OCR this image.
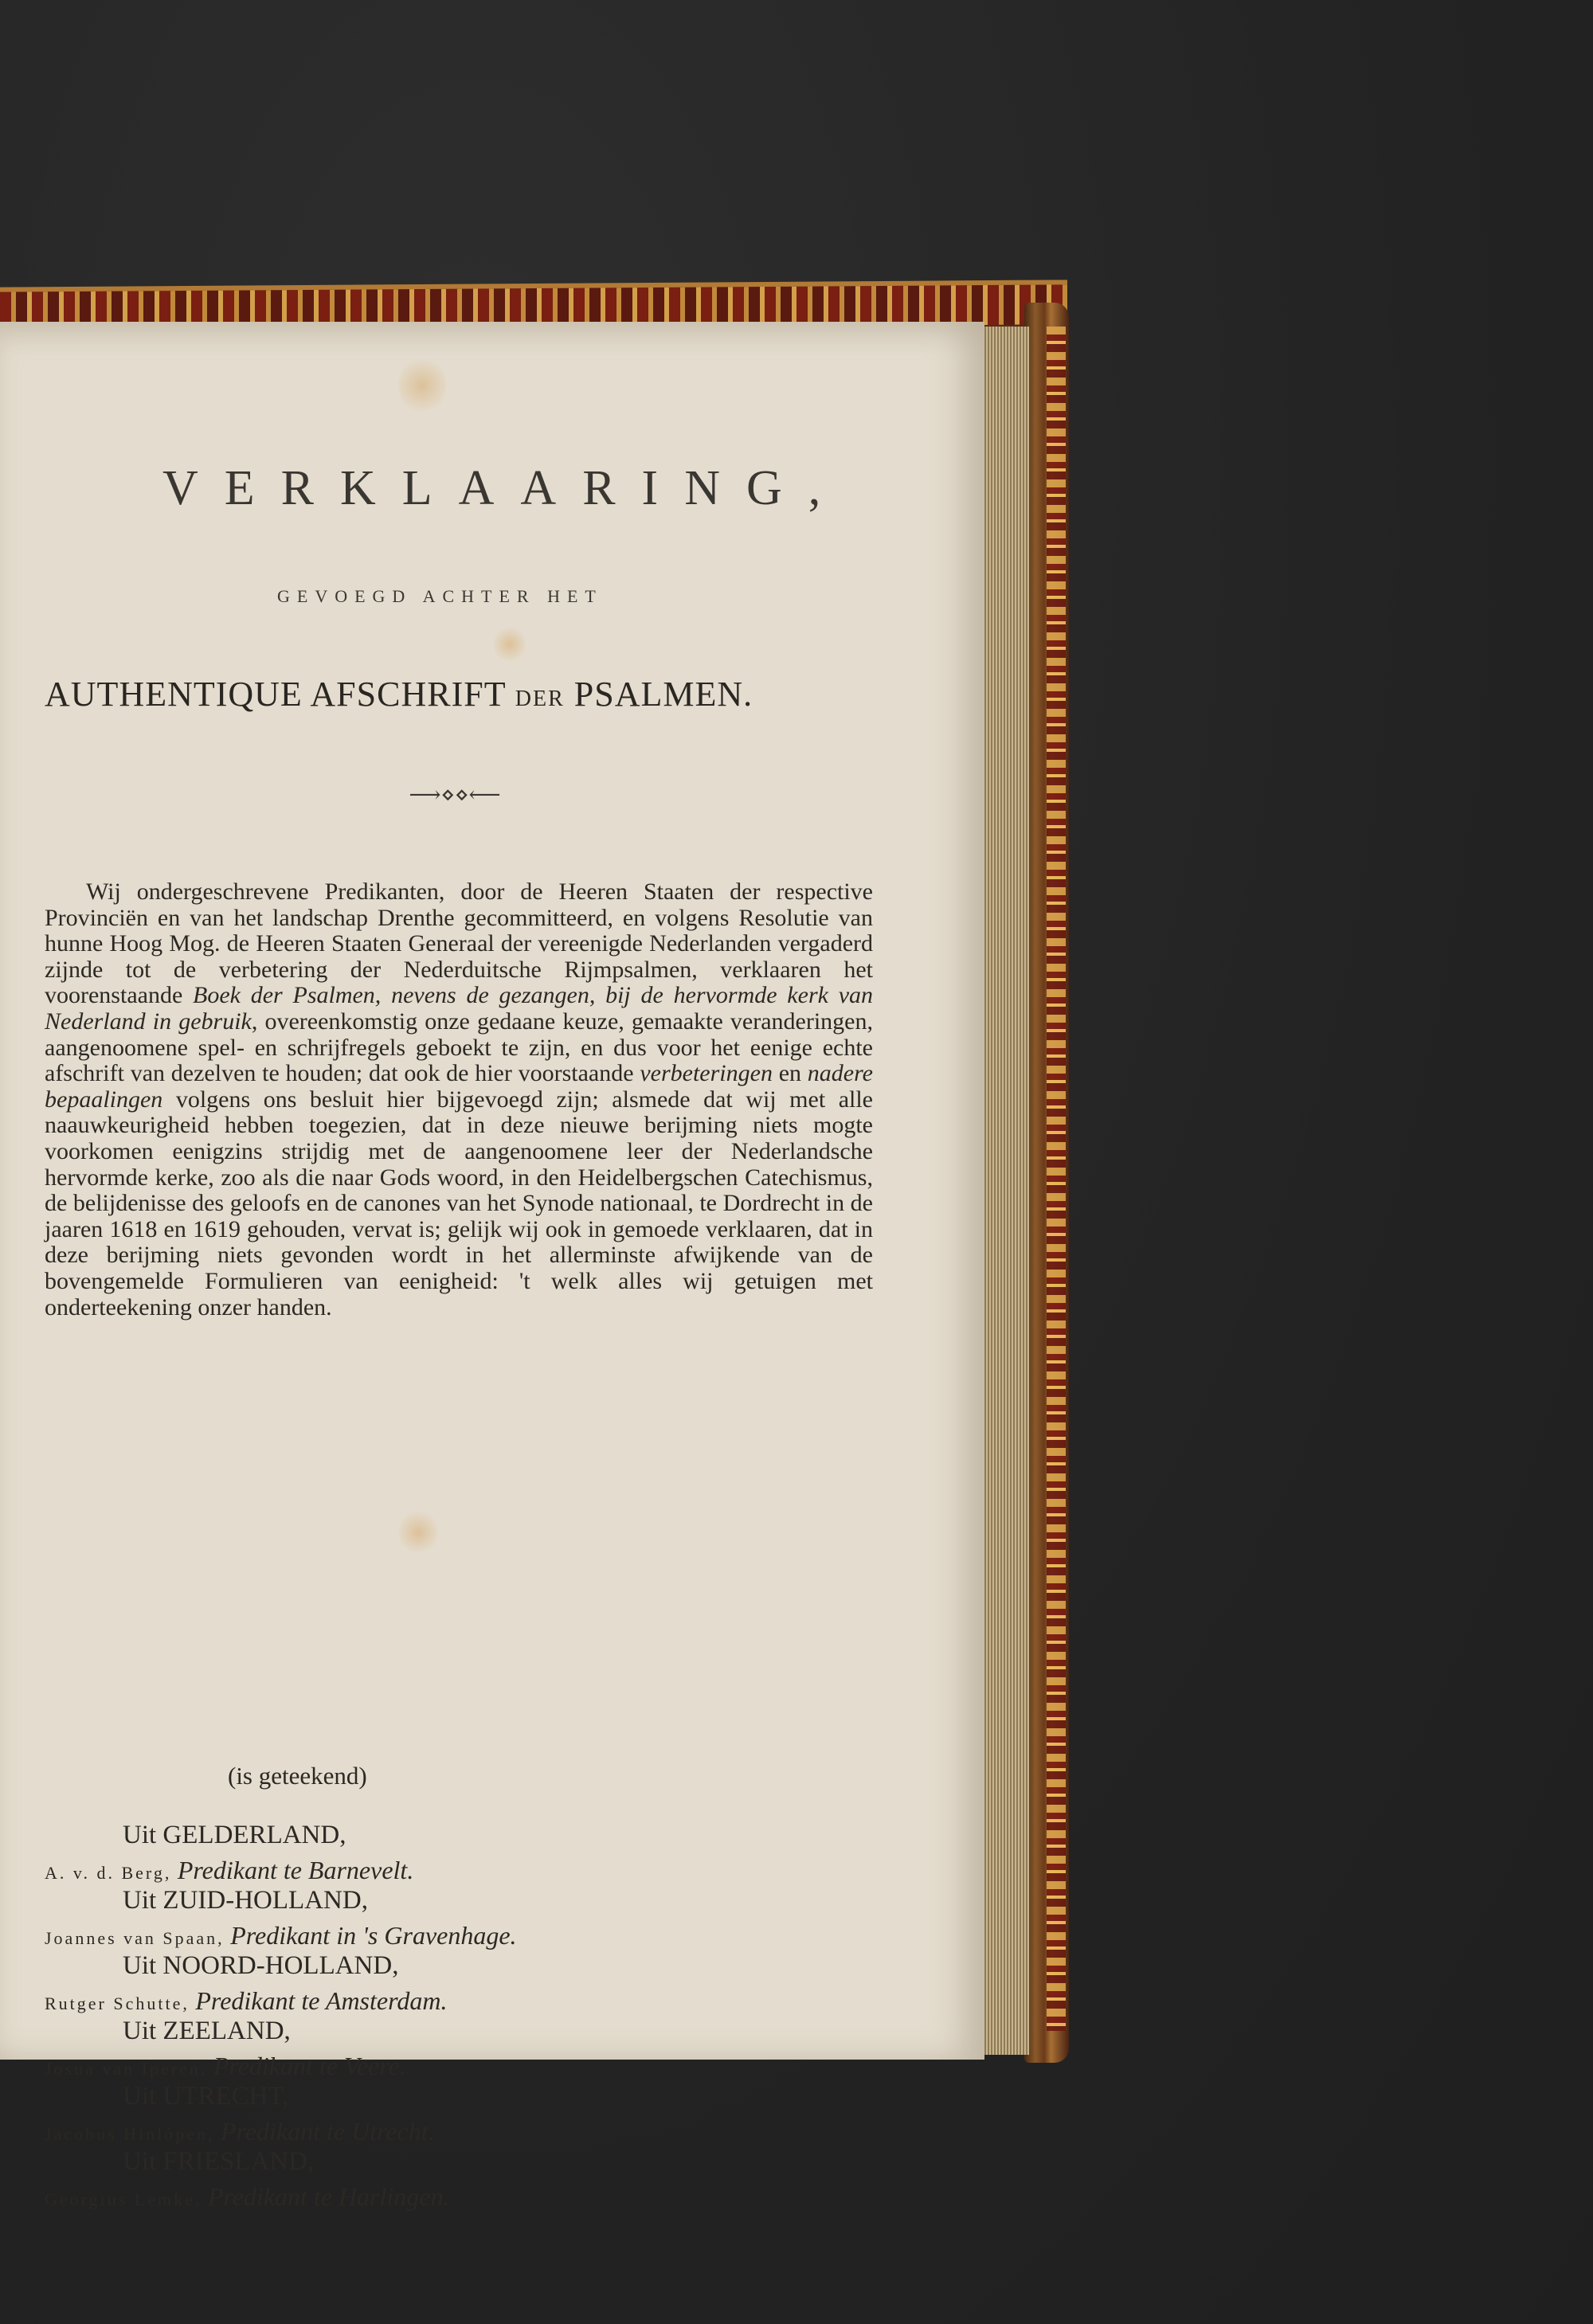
VERKLAARING,
GEVOEGD ACHTER HET
AUTHENTIQUE AFSCHRIFT DER PSALMEN.
⟶⋄⋄⟵

Wij ondergeschrevene Predikanten, door de Heeren Staaten der respective Provinciën en van het landschap Drenthe gecommitteerd, en volgens Resolutie van hunne Hoog Mog. de Heeren Staaten Generaal der vereenigde Nederlanden vergaderd zijnde tot de verbetering der Nederduitsche Rijmpsalmen, verklaaren het voorenstaande Boek der Psalmen, nevens de gezangen, bij de hervormde kerk van Nederland in gebruik, overeenkomstig onze gedaane keuze, gemaakte veranderingen, aangenoomene spel- en schrijfregels geboekt te zijn, en dus voor het eenige echte afschrift van dezelven te houden; dat ook de hier voorstaande verbeteringen en nadere bepaalingen volgens ons besluit hier bijgevoegd zijn; alsmede dat wij met alle naauwkeurigheid hebben toegezien, dat in deze nieuwe berijming niets mogte voorkomen eenigzins strijdig met de aangenoomene leer der Nederlandsche hervormde kerke, zoo als die naar Gods woord, in den Heidelbergschen Catechismus, de belijdenisse des geloofs en de canones van het Synode nationaal, te Dordrecht in de jaaren 1618 en 1619 gehouden, vervat is; gelijk wij ook in gemoede verklaaren, dat in deze berijming niets gevonden wordt in het allerminste afwijkende van de bovengemelde Formulieren van eenigheid: 't welk alles wij getuigen met onderteekening onzer handen.

(is geteekend)
Uit GELDERLAND,
A. v. d. Berg, Predikant te Barnevelt.
Uit ZUID-HOLLAND,
Joannes van Spaan, Predikant in 's Gravenhage.
Uit NOORD-HOLLAND,
Rutger Schutte, Predikant te Amsterdam.
Uit ZEELAND,
Josua van Iperen, Predikant te Veere.
Uit UTRECHT,
Jacobus Hinlópen, Predikant te Utrecht.
Uit FRIESLAND,
Georgius Lemke, Predikant te Harlingen.
